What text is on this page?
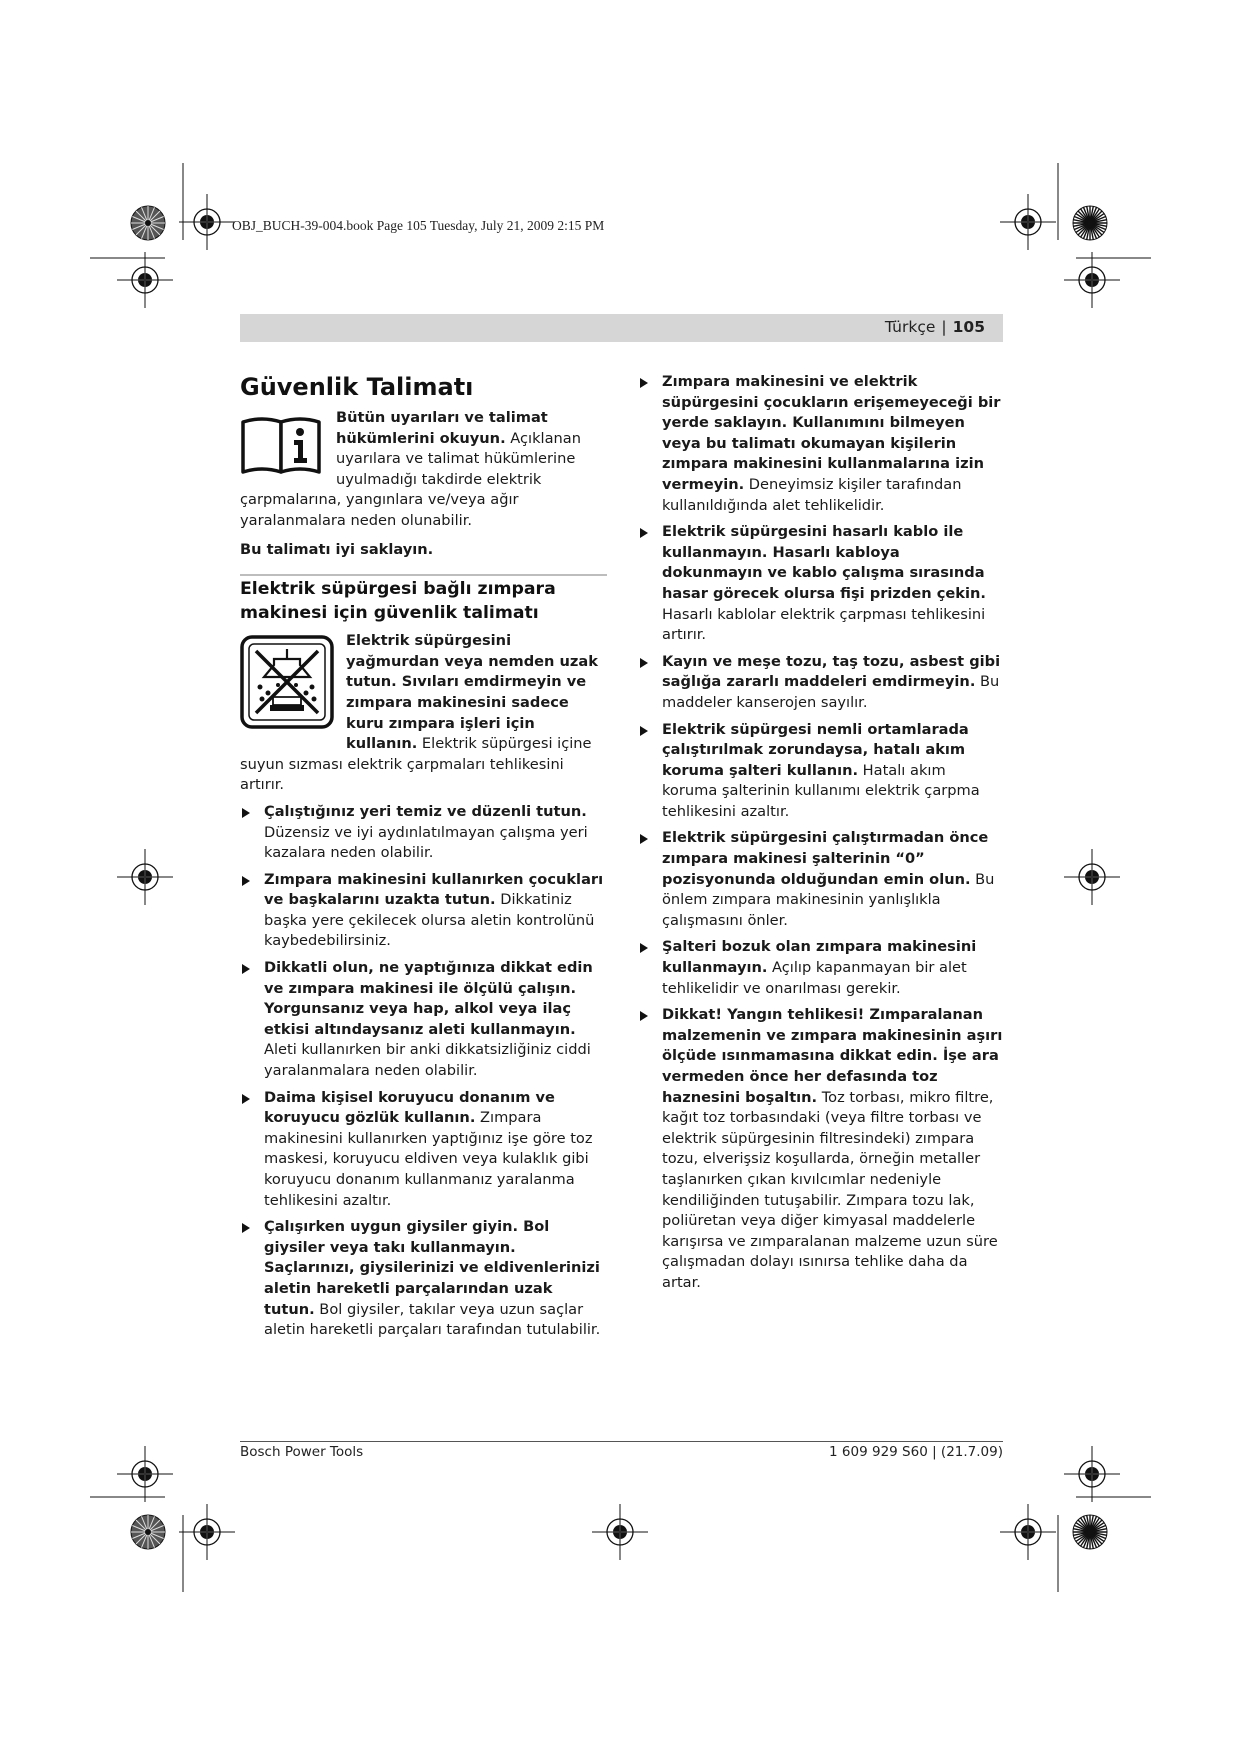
OBJ_BUCH-39-004.book Page 105 Tuesday, July 21, 2009 2:15 PM
Türkçe | 105
Güvenlik Talimatı

Bütün uyarıları ve talimat hükümlerini okuyun. Açıklanan uyarılara ve talimat hükümlerine uyulmadığı takdirde elektrik çarpmalarına, yangınlara ve/veya ağır yaralanmalara neden olunabilir.

Bu talimatı iyi saklayın.

Elektrik süpürgesi bağlı zımpara makinesi için güvenlik talimatı

Elektrik süpürgesini yağmurdan veya nemden uzak tutun. Sıvıları emdirmeyin ve zımpara makinesini sadece kuru zımpara işleri için kullanın. Elektrik süpürgesi içine suyun sızması elektrik çarpmaları tehlikesini artırır.

Çalıştığınız yeri temiz ve düzenli tutun. Düzensiz ve iyi aydınlatılmayan çalışma yeri kazalara neden olabilir.
Zımpara makinesini kullanırken çocukları ve başkalarını uzakta tutun. Dikkatiniz başka yere çekilecek olursa aletin kontrolünü kaybedebilirsiniz.
Dikkatli olun, ne yaptığınıza dikkat edin ve zımpara makinesi ile ölçülü çalışın. Yorgunsanız veya hap, alkol veya ilaç etkisi altındaysanız aleti kullanmayın. Aleti kullanırken bir anki dikkatsizliğiniz ciddi yaralanmalara neden olabilir.
Daima kişisel koruyucu donanım ve koruyucu gözlük kullanın. Zımpara makinesini kullanırken yaptığınız işe göre toz maskesi, koruyucu eldiven veya kulaklık gibi koruyucu donanım kullanmanız yaralanma tehlikesini azaltır.
Çalışırken uygun giysiler giyin. Bol giysiler veya takı kullanmayın. Saçlarınızı, giysilerinizi ve eldivenlerinizi aletin hareketli parçalarından uzak tutun. Bol giysiler, takılar veya uzun saçlar aletin hareketli parçaları tarafından tutulabilir.
Zımpara makinesini ve elektrik süpürgesini çocukların erişemeyeceği bir yerde saklayın. Kullanımını bilmeyen veya bu talimatı okumayan kişilerin zımpara makinesini kullanmalarına izin vermeyin. Deneyimsiz kişiler tarafından kullanıldığında alet tehlikelidir.
Elektrik süpürgesini hasarlı kablo ile kullanmayın. Hasarlı kabloya dokunmayın ve kablo çalışma sırasında hasar görecek olursa fişi prizden çekin. Hasarlı kablolar elektrik çarpması tehlikesini artırır.
Kayın ve meşe tozu, taş tozu, asbest gibi sağlığa zararlı maddeleri emdirmeyin. Bu maddeler kanserojen sayılır.
Elektrik süpürgesi nemli ortamlarada çalıştırılmak zorundaysa, hatalı akım koruma şalteri kullanın. Hatalı akım koruma şalterinin kullanımı elektrik çarpma tehlikesini azaltır.
Elektrik süpürgesini çalıştırmadan önce zımpara makinesi şalterinin “0” pozisyonunda olduğundan emin olun. Bu önlem zımpara makinesinin yanlışlıkla çalışmasını önler.
Şalteri bozuk olan zımpara makinesini kullanmayın. Açılıp kapanmayan bir alet tehlikelidir ve onarılması gerekir.
Dikkat! Yangın tehlikesi! Zımparalanan malzemenin ve zımpara makinesinin aşırı ölçüde ısınmamasına dikkat edin. İşe ara vermeden önce her defasında toz haznesini boşaltın. Toz torbası, mikro filtre, kağıt toz torbasındaki (veya filtre torbası ve elektrik süpürgesinin filtresindeki) zımpara tozu, elverişsiz koşullarda, örneğin metaller taşlanırken çıkan kıvılcımlar nedeniyle kendiliğinden tutuşabilir. Zımpara tozu lak, poliüretan veya diğer kimyasal maddelerle karışırsa ve zımparalanan malzeme uzun süre çalışmadan dolayı ısınırsa tehlike daha da artar.
Bosch Power Tools	1 609 929 S60 | (21.7.09)
